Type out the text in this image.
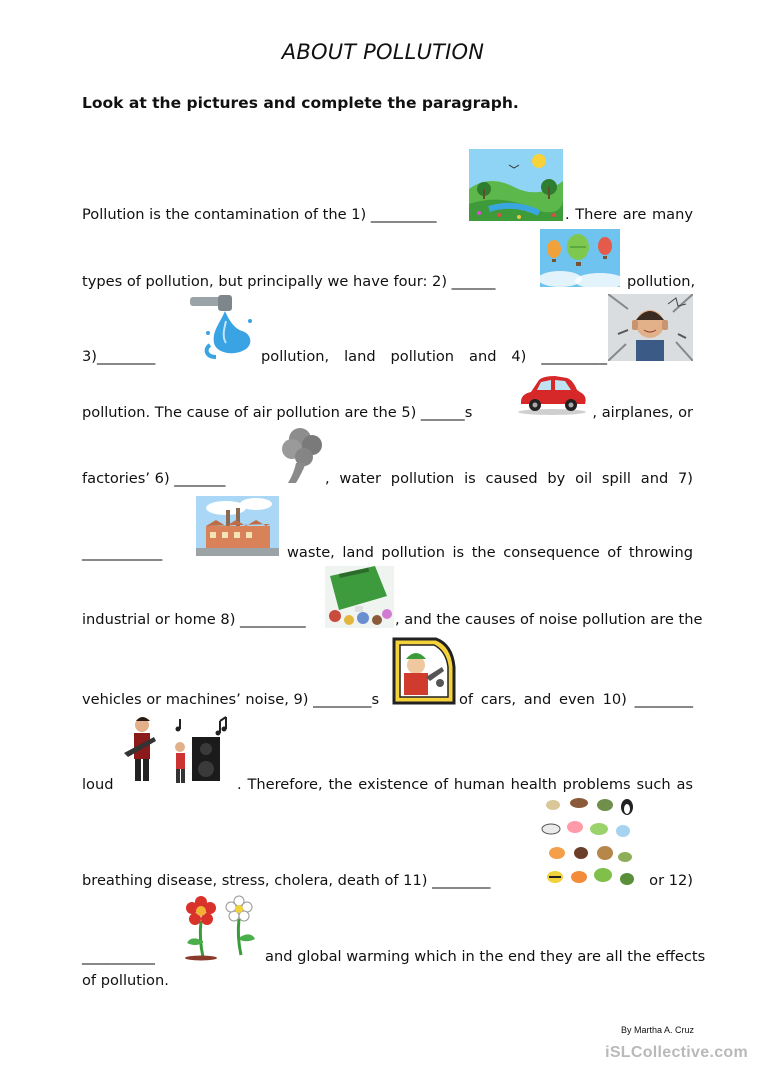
ABOUT POLLUTION
Look at the pictures and complete the paragraph.
Pollution is the contamination of the 1) _________
types of pollution, but principally we have four: 2) ______	pollution,
3)________	pollution, land pollution and 4) _________
pollution. The cause of air pollution are the 5) ______s	, airplanes, or
factories’ 6) _______	, water pollution is caused by oil spill and 7)
___________	waste, land pollution is the consequence of throwing
industrial or home 8) _________	, and the causes of noise pollution are the
vehicles or machines’ noise, 9) ________s	of cars, and even 10) ________
loud	. Therefore, the existence of human health problems such as
breathing disease, stress, cholera, death of 11) ________	or 12)
__________	and global warming which in the end they are all the effects
of pollution.
. There are many
By Martha A. Cruz
iSLCollective.com
